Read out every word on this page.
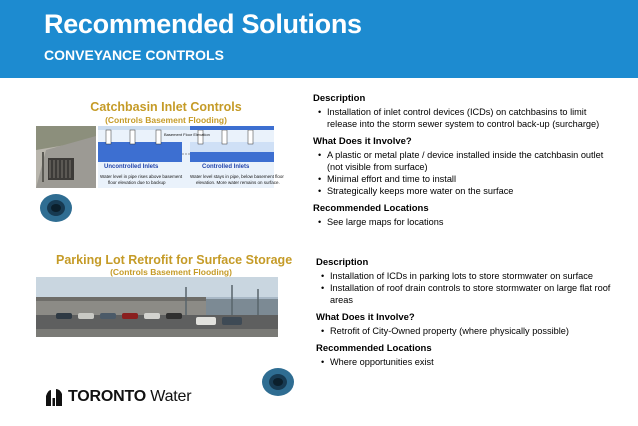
Recommended Solutions
CONVEYANCE CONTROLS
Catchbasin Inlet Controls
(Controls Basement Flooding)
Uncontrolled Inlets	Controlled Inlets
Basement Floor Elevation
Water level in pipe rises above basement
floor elevation due to backup
Water level stays in pipe, below basement floor
elevation. More water remains on surface.
Description
• Installation of inlet control devices (ICDs) on catchbasins to limit release into the storm sewer system to control back-up (surcharge)
What Does it Involve?
• A plastic or metal plate / device installed inside the catchbasin outlet (not visible from surface)
• Minimal effort and time to install
• Strategically keeps more water on the surface
Recommended Locations
• See large maps for locations
Parking Lot Retrofit for Surface Storage
(Controls Basement Flooding)
Description
• Installation of ICDs in parking lots to store stormwater on surface
• Installation of roof drain controls to store stormwater on large flat roof areas
What Does it Involve?
• Retrofit of City-Owned property (where physically possible)
Recommended Locations
• Where opportunities exist
TORONTO Water
